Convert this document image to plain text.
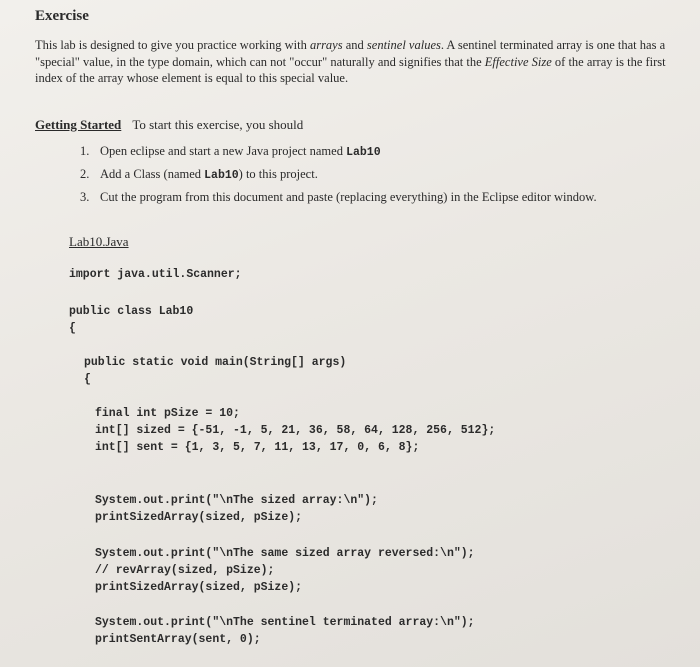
Exercise

This lab is designed to give you practice working with arrays and sentinel values. A sentinel terminated array is one that has a "special" value, in the type domain, which can not "occur" naturally and signifies that the Effective Size of the array is the first index of the array whose element is equal to this special value.

Getting Started To start this exercise, you should
1. Open eclipse and start a new Java project named Lab10
2. Add a Class (named Lab10) to this project.
3. Cut the program from this document and paste (replacing everything) in the Eclipse editor window.
Lab10.Java
import java.util.Scanner;
public class Lab10
{
public static void main(String[] args)
{
final int pSize = 10;
int[] sized = {-51, -1, 5, 21, 36, 58, 64, 128, 256, 512};
int[] sent = {1, 3, 5, 7, 11, 13, 17, 0, 6, 8};
System.out.print("\nThe sized array:\n");
printSizedArray(sized, pSize);
System.out.print("\nThe same sized array reversed:\n");
// revArray(sized, pSize);
printSizedArray(sized, pSize);
System.out.print("\nThe sentinel terminated array:\n");
printSentArray(sent, 0);
